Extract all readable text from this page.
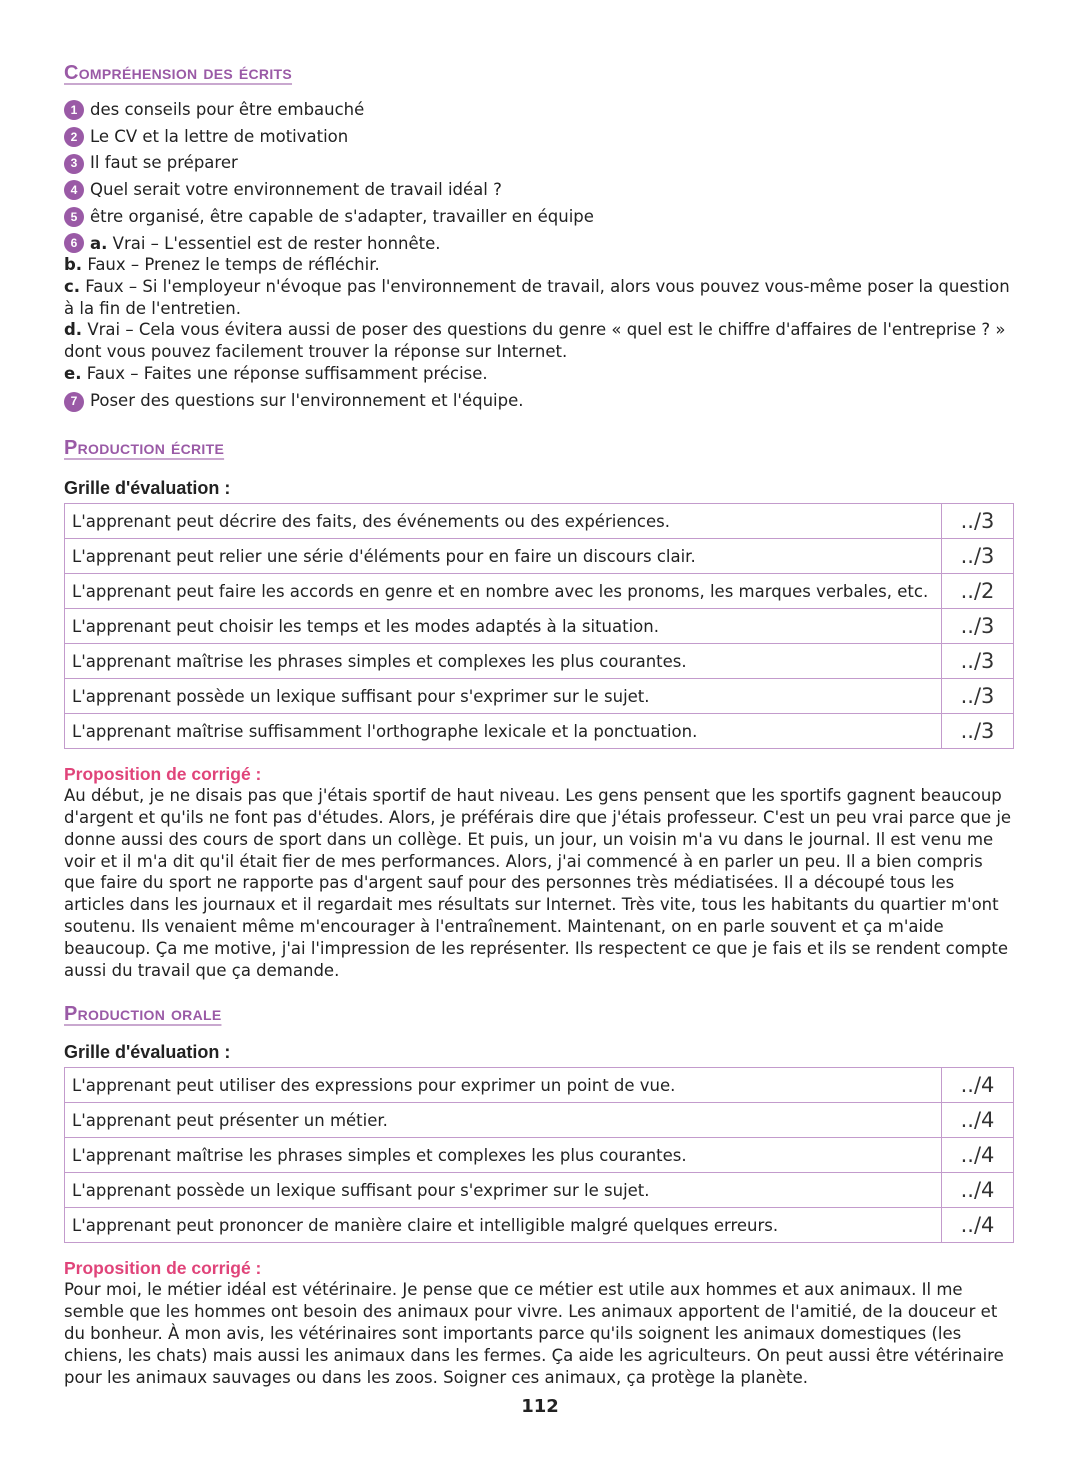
Compréhension des écrits
1 des conseils pour être embauché
2 Le CV et la lettre de motivation
3 Il faut se préparer
4 Quel serait votre environnement de travail idéal ?
5 être organisé, être capable de s'adapter, travailler en équipe
6 a. Vrai – L'essentiel est de rester honnête.
b. Faux – Prenez le temps de réfléchir.
c. Faux – Si l'employeur n'évoque pas l'environnement de travail, alors vous pouvez vous-même poser la question à la fin de l'entretien.
d. Vrai – Cela vous évitera aussi de poser des questions du genre « quel est le chiffre d'affaires de l'entreprise ? » dont vous pouvez facilement trouver la réponse sur Internet.
e. Faux – Faites une réponse suffisamment précise.
7 Poser des questions sur l'environnement et l'équipe.
Production écrite
Grille d'évaluation :
L'apprenant peut décrire des faits, des événements ou des expériences.	../3
L'apprenant peut relier une série d'éléments pour en faire un discours clair.	../3
L'apprenant peut faire les accords en genre et en nombre avec les pronoms, les marques verbales, etc.	../2
L'apprenant peut choisir les temps et les modes adaptés à la situation.	../3
L'apprenant maîtrise les phrases simples et complexes les plus courantes.	../3
L'apprenant possède un lexique suffisant pour s'exprimer sur le sujet.	../3
L'apprenant maîtrise suffisamment l'orthographe lexicale et la ponctuation.	../3
Proposition de corrigé :
Au début, je ne disais pas que j'étais sportif de haut niveau. Les gens pensent que les sportifs gagnent beaucoup d'argent et qu'ils ne font pas d'études. Alors, je préférais dire que j'étais professeur. C'est un peu vrai parce que je donne aussi des cours de sport dans un collège. Et puis, un jour, un voisin m'a vu dans le journal. Il est venu me voir et il m'a dit qu'il était fier de mes performances. Alors, j'ai commencé à en parler un peu. Il a bien compris que faire du sport ne rapporte pas d'argent sauf pour des personnes très médiatisées. Il a découpé tous les articles dans les journaux et il regardait mes résultats sur Internet. Très vite, tous les habitants du quartier m'ont soutenu. Ils venaient même m'encourager à l'entraînement. Maintenant, on en parle souvent et ça m'aide beaucoup. Ça me motive, j'ai l'impression de les représenter. Ils respectent ce que je fais et ils se rendent compte aussi du travail que ça demande.
Production orale
Grille d'évaluation :
L'apprenant peut utiliser des expressions pour exprimer un point de vue.	../4
L'apprenant peut présenter un métier.	../4
L'apprenant maîtrise les phrases simples et complexes les plus courantes.	../4
L'apprenant possède un lexique suffisant pour s'exprimer sur le sujet.	../4
L'apprenant peut prononcer de manière claire et intelligible malgré quelques erreurs.	../4
Proposition de corrigé :
Pour moi, le métier idéal est vétérinaire. Je pense que ce métier est utile aux hommes et aux animaux. Il me semble que les hommes ont besoin des animaux pour vivre. Les animaux apportent de l'amitié, de la douceur et du bonheur. À mon avis, les vétérinaires sont importants parce qu'ils soignent les animaux domestiques (les chiens, les chats) mais aussi les animaux dans les fermes. Ça aide les agriculteurs. On peut aussi être vétérinaire pour les animaux sauvages ou dans les zoos. Soigner ces animaux, ça protège la planète.
112
